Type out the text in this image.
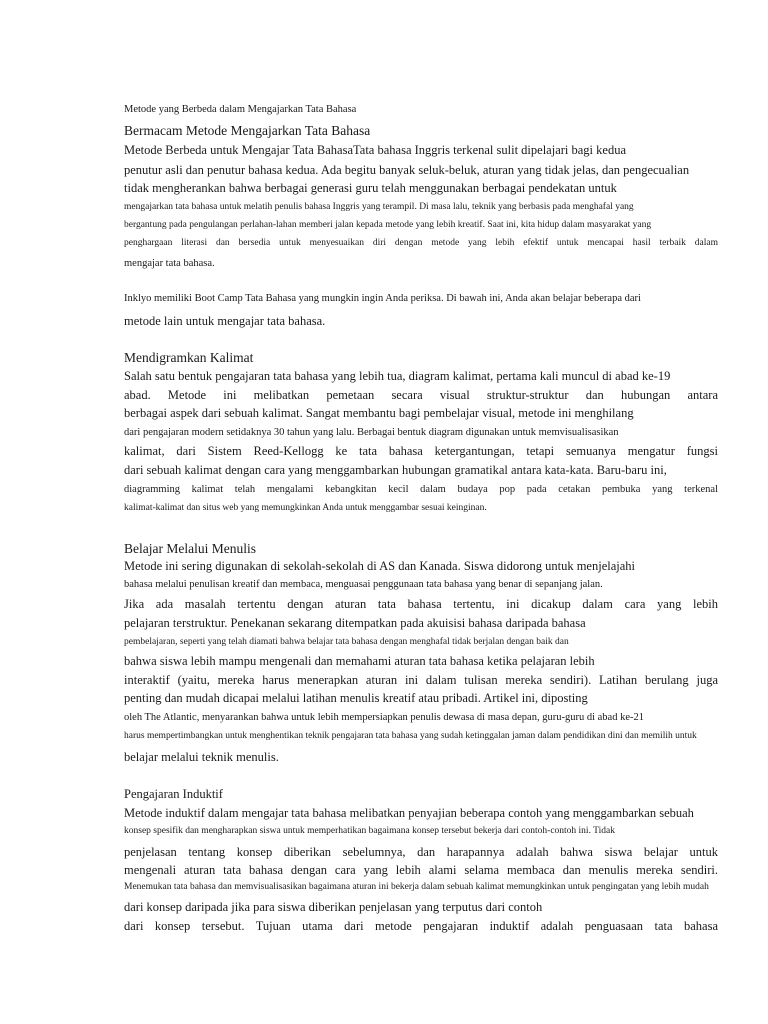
Metode yang Berbeda dalam Mengajarkan Tata Bahasa
Bermacam Metode Mengajarkan Tata Bahasa
Metode Berbeda untuk Mengajar Tata BahasaTata bahasa Inggris terkenal sulit dipelajari bagi kedua
penutur asli dan penutur bahasa kedua. Ada begitu banyak seluk-beluk, aturan yang tidak jelas, dan pengecualian
tidak mengherankan bahwa berbagai generasi guru telah menggunakan berbagai pendekatan untuk
mengajarkan tata bahasa untuk melatih penulis bahasa Inggris yang terampil. Di masa lalu, teknik yang berbasis pada menghafal yang
bergantung pada pengulangan perlahan-lahan memberi jalan kepada metode yang lebih kreatif. Saat ini, kita hidup dalam masyarakat yang
penghargaan literasi dan bersedia untuk menyesuaikan diri dengan metode yang lebih efektif untuk mencapai hasil terbaik dalam
mengajar tata bahasa.
Inklyo memiliki Boot Camp Tata Bahasa yang mungkin ingin Anda periksa. Di bawah ini, Anda akan belajar beberapa dari
metode lain untuk mengajar tata bahasa.
Mendigramkan Kalimat
Salah satu bentuk pengajaran tata bahasa yang lebih tua, diagram kalimat, pertama kali muncul di abad ke-19
abad. Metode ini melibatkan pemetaan secara visual struktur-struktur dan hubungan antara
berbagai aspek dari sebuah kalimat. Sangat membantu bagi pembelajar visual, metode ini menghilang
dari pengajaran modern setidaknya 30 tahun yang lalu. Berbagai bentuk diagram digunakan untuk memvisualisasikan
kalimat, dari Sistem Reed-Kellogg ke tata bahasa ketergantungan, tetapi semuanya mengatur fungsi
dari sebuah kalimat dengan cara yang menggambarkan hubungan gramatikal antara kata-kata. Baru-baru ini,
diagramming kalimat telah mengalami kebangkitan kecil dalam budaya pop pada cetakan pembuka yang terkenal
kalimat-kalimat dan situs web yang memungkinkan Anda untuk menggambar sesuai keinginan.
Belajar Melalui Menulis
Metode ini sering digunakan di sekolah-sekolah di AS dan Kanada. Siswa didorong untuk menjelajahi
bahasa melalui penulisan kreatif dan membaca, menguasai penggunaan tata bahasa yang benar di sepanjang jalan.
Jika ada masalah tertentu dengan aturan tata bahasa tertentu, ini dicakup dalam cara yang lebih
pelajaran terstruktur. Penekanan sekarang ditempatkan pada akuisisi bahasa daripada bahasa
pembelajaran, seperti yang telah diamati bahwa belajar tata bahasa dengan menghafal tidak berjalan dengan baik dan
bahwa siswa lebih mampu mengenali dan memahami aturan tata bahasa ketika pelajaran lebih
interaktif (yaitu, mereka harus menerapkan aturan ini dalam tulisan mereka sendiri). Latihan berulang juga
penting dan mudah dicapai melalui latihan menulis kreatif atau pribadi. Artikel ini, diposting
oleh The Atlantic, menyarankan bahwa untuk lebih mempersiapkan penulis dewasa di masa depan, guru-guru di abad ke-21
harus mempertimbangkan untuk menghentikan teknik pengajaran tata bahasa yang sudah ketinggalan jaman dalam pendidikan dini dan memilih untuk
belajar melalui teknik menulis.
Pengajaran Induktif
Metode induktif dalam mengajar tata bahasa melibatkan penyajian beberapa contoh yang menggambarkan sebuah
konsep spesifik dan mengharapkan siswa untuk memperhatikan bagaimana konsep tersebut bekerja dari contoh-contoh ini. Tidak
penjelasan tentang konsep diberikan sebelumnya, dan harapannya adalah bahwa siswa belajar untuk
mengenali aturan tata bahasa dengan cara yang lebih alami selama membaca dan menulis mereka sendiri.
Menemukan tata bahasa dan memvisualisasikan bagaimana aturan ini bekerja dalam sebuah kalimat memungkinkan untuk pengingatan yang lebih mudah
dari konsep daripada jika para siswa diberikan penjelasan yang terputus dari contoh
dari konsep tersebut. Tujuan utama dari metode pengajaran induktif adalah penguasaan tata bahasa
